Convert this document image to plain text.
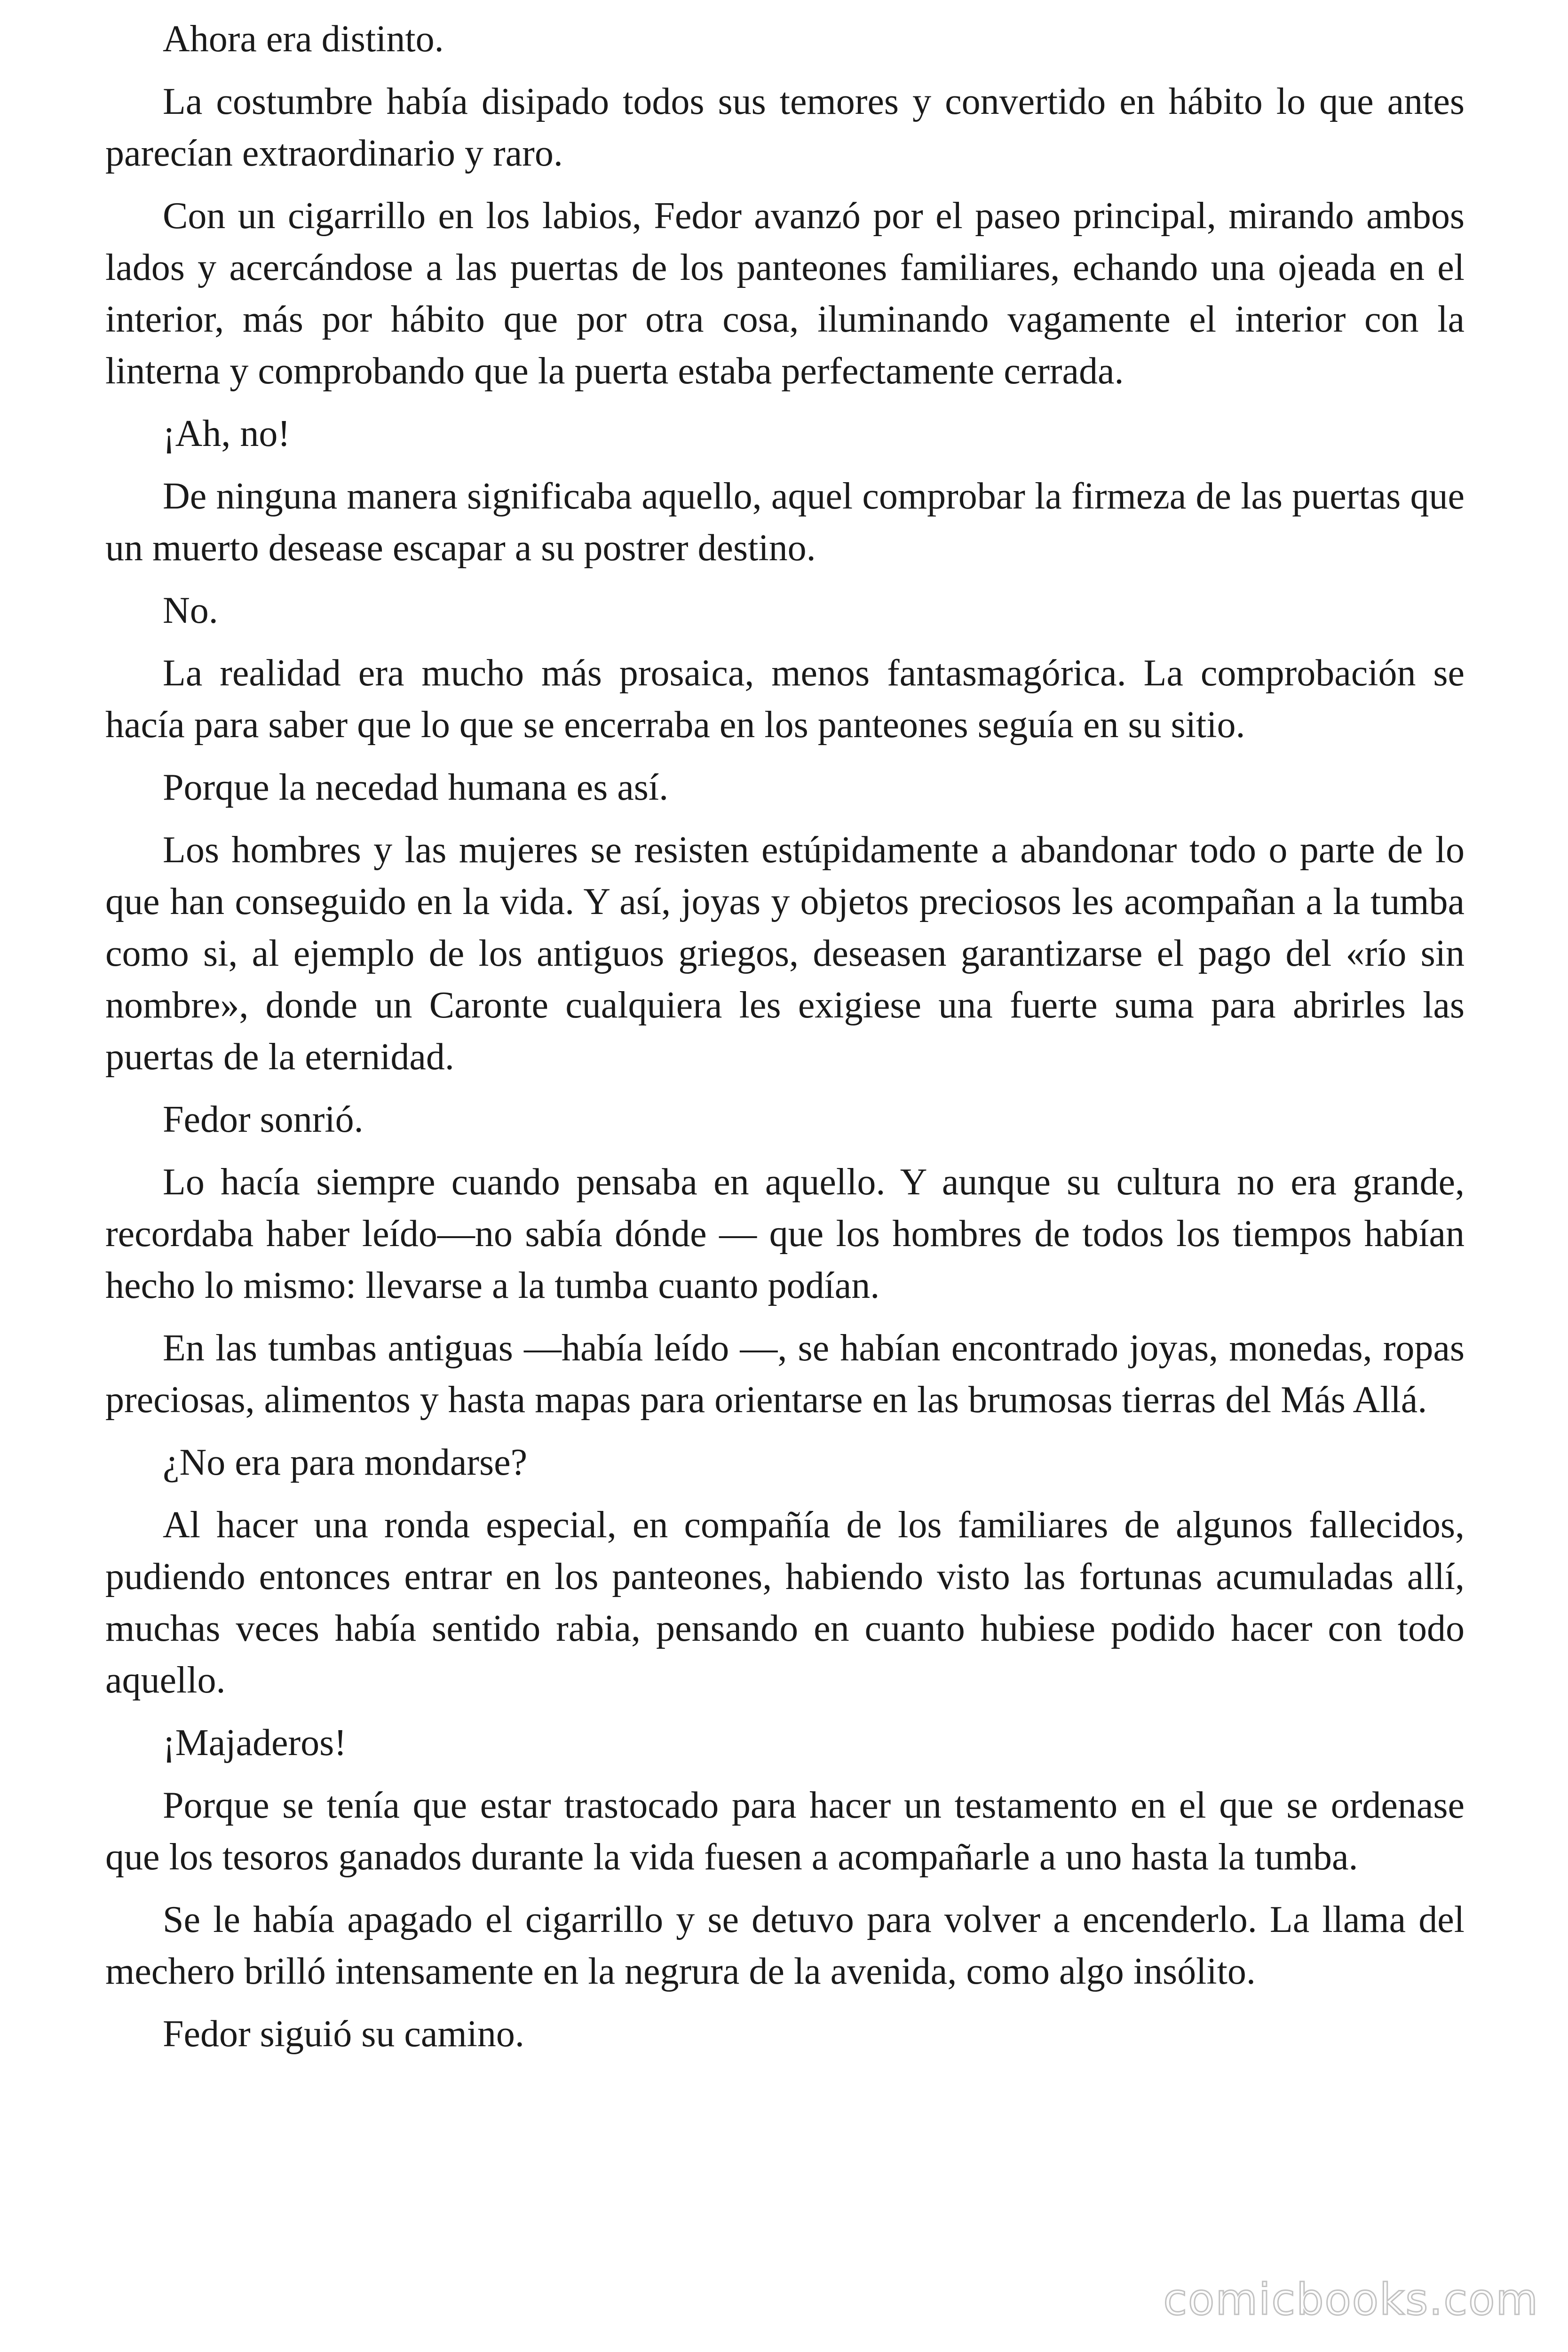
Ahora era distinto.

La costumbre había disipado todos sus temores y convertido en hábito lo que antes parecían extraordinario y raro.

Con un cigarrillo en los labios, Fedor avanzó por el paseo principal, mirando ambos lados y acercándose a las puertas de los panteones familiares, echando una ojeada en el interior, más por hábito que por otra cosa, iluminando vagamente el interior con la linterna y comprobando que la puerta estaba perfectamente cerrada.

¡Ah, no!

De ninguna manera significaba aquello, aquel comprobar la firmeza de las puertas que un muerto desease escapar a su postrer destino.

No.

La realidad era mucho más prosaica, menos fantasmagórica. La comprobación se hacía para saber que lo que se encerraba en los panteones seguía en su sitio.

Porque la necedad humana es así.

Los hombres y las mujeres se resisten estúpidamente a abandonar todo o parte de lo que han conseguido en la vida. Y así, joyas y objetos preciosos les acompañan a la tumba como si, al ejemplo de los antiguos griegos, deseasen garantizarse el pago del «río sin nombre», donde un Caronte cualquiera les exigiese una fuerte suma para abrirles las puertas de la eternidad.

Fedor sonrió.

Lo hacía siempre cuando pensaba en aquello. Y aunque su cultura no era grande, recordaba haber leído—no sabía dónde — que los hombres de todos los tiempos habían hecho lo mismo: llevarse a la tumba cuanto podían.

En las tumbas antiguas —había leído —, se habían encontrado joyas, monedas, ropas preciosas, alimentos y hasta mapas para orientarse en las brumosas tierras del Más Allá.

¿No era para mondarse?

Al hacer una ronda especial, en compañía de los familiares de algunos fallecidos, pudiendo entonces entrar en los panteones, habiendo visto las fortunas acumuladas allí, muchas veces había sentido rabia, pensando en cuanto hubiese podido hacer con todo aquello.

¡Majaderos!

Porque se tenía que estar trastocado para hacer un testamento en el que se ordenase que los tesoros ganados durante la vida fuesen a acompañarle a uno hasta la tumba.

Se le había apagado el cigarrillo y se detuvo para volver a encenderlo. La llama del mechero brilló intensamente en la negrura de la avenida, como algo insólito.

Fedor siguió su camino.

comicbooks.com
